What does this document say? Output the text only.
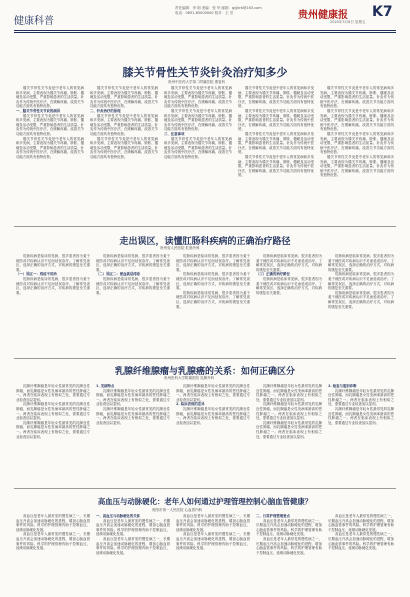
健康科普
责任编辑：李 明 美编：张 华 邮箱：gyjkrb@163.com
电话：0851-85000000 校对：王 芳	贵州健康报 K7
2020年3月6日 星期五
膝关节骨性关节炎针灸治疗知多少
贵州中医药大学第二附属医院 康复科

膝关节骨性关节炎是中老年人的常见病和多发病，主要表现为膝关节疼痛、肿胀、僵硬及活动受限，严重影响患者的生活质量。针灸作为传统中医疗法，在缓解疼痛、改善关节功能方面具有独特优势。

一、膝关节骨性关节炎的病因

膝关节骨性关节炎是中老年人的常见病和多发病，主要表现为膝关节疼痛、肿胀、僵硬及活动受限，严重影响患者的生活质量。针灸作为传统中医疗法，在缓解疼痛、改善关节功能方面具有独特优势。

膝关节骨性关节炎是中老年人的常见病和多发病，主要表现为膝关节疼痛、肿胀、僵硬及活动受限，严重影响患者的生活质量。针灸作为传统中医疗法，在缓解疼痛、改善关节功能方面具有独特优势。

膝关节骨性关节炎是中老年人的常见病和多发病，主要表现为膝关节疼痛、肿胀、僵硬及活动受限，严重影响患者的生活质量。针灸作为传统中医疗法，在缓解疼痛、改善关节功能方面具有独特优势。

二、针灸治疗的原理

膝关节骨性关节炎是中老年人的常见病和多发病，主要表现为膝关节疼痛、肿胀、僵硬及活动受限，严重影响患者的生活质量。针灸作为传统中医疗法，在缓解疼痛、改善关节功能方面具有独特优势。

膝关节骨性关节炎是中老年人的常见病和多发病，主要表现为膝关节疼痛、肿胀、僵硬及活动受限，严重影响患者的生活质量。针灸作为传统中医疗法，在缓解疼痛、改善关节功能方面具有独特优势。

膝关节骨性关节炎是中老年人的常见病和多发病，主要表现为膝关节疼痛、肿胀、僵硬及活动受限，严重影响患者的生活质量。针灸作为传统中医疗法，在缓解疼痛、改善关节功能方面具有独特优势。

膝关节骨性关节炎是中老年人的常见病和多发病，主要表现为膝关节疼痛、肿胀、僵硬及活动受限，严重影响患者的生活质量。针灸作为传统中医疗法，在缓解疼痛、改善关节功能方面具有独特优势。

三、注意事项

膝关节骨性关节炎是中老年人的常见病和多发病，主要表现为膝关节疼痛、肿胀、僵硬及活动受限，严重影响患者的生活质量。针灸作为传统中医疗法，在缓解疼痛、改善关节功能方面具有独特优势。

膝关节骨性关节炎是中老年人的常见病和多发病，主要表现为膝关节疼痛、肿胀、僵硬及活动受限，严重影响患者的生活质量。针灸作为传统中医疗法，在缓解疼痛、改善关节功能方面具有独特优势。

膝关节骨性关节炎是中老年人的常见病和多发病，主要表现为膝关节疼痛、肿胀、僵硬及活动受限，严重影响患者的生活质量。针灸作为传统中医疗法，在缓解疼痛、改善关节功能方面具有独特优势。

膝关节骨性关节炎是中老年人的常见病和多发病，主要表现为膝关节疼痛、肿胀、僵硬及活动受限，严重影响患者的生活质量。针灸作为传统中医疗法，在缓解疼痛、改善关节功能方面具有独特优势。

膝关节骨性关节炎是中老年人的常见病和多发病，主要表现为膝关节疼痛、肿胀、僵硬及活动受限，严重影响患者的生活质量。针灸作为传统中医疗法，在缓解疼痛、改善关节功能方面具有独特优势。

膝关节骨性关节炎是中老年人的常见病和多发病，主要表现为膝关节疼痛、肿胀、僵硬及活动受限，严重影响患者的生活质量。针灸作为传统中医疗法，在缓解疼痛、改善关节功能方面具有独特优势。

膝关节骨性关节炎是中老年人的常见病和多发病，主要表现为膝关节疼痛、肿胀、僵硬及活动受限，严重影响患者的生活质量。针灸作为传统中医疗法，在缓解疼痛、改善关节功能方面具有独特优势。

膝关节骨性关节炎是中老年人的常见病和多发病，主要表现为膝关节疼痛、肿胀、僵硬及活动受限，严重影响患者的生活质量。针灸作为传统中医疗法，在缓解疼痛、改善关节功能方面具有独特优势。

膝关节骨性关节炎是中老年人的常见病和多发病，主要表现为膝关节疼痛、肿胀、僵硬及活动受限，严重影响患者的生活质量。针灸作为传统中医疗法，在缓解疼痛、改善关节功能方面具有独特优势。

走出误区，读懂肛肠科疾病的正确治疗路径
贵州省人民医院 肛肠外科

肛肠疾病是临床常见病，很多患者因为羞于就医或对疾病认识不足而延误治疗。了解常见误区，选择正确的治疗方式，对疾病的康复至关重要。

（一）误区一：痔疮不用治

肛肠疾病是临床常见病，很多患者因为羞于就医或对疾病认识不足而延误治疗。了解常见误区，选择正确的治疗方式，对疾病的康复至关重要。

肛肠疾病是临床常见病，很多患者因为羞于就医或对疾病认识不足而延误治疗。了解常见误区，选择正确的治疗方式，对疾病的康复至关重要。

（二）误区二：便血就是痔疮

肛肠疾病是临床常见病，很多患者因为羞于就医或对疾病认识不足而延误治疗。了解常见误区，选择正确的治疗方式，对疾病的康复至关重要。

肛肠疾病是临床常见病，很多患者因为羞于就医或对疾病认识不足而延误治疗。了解常见误区，选择正确的治疗方式，对疾病的康复至关重要。

肛肠疾病是临床常见病，很多患者因为羞于就医或对疾病认识不足而延误治疗。了解常见误区，选择正确的治疗方式，对疾病的康复至关重要。

肛肠疾病是临床常见病，很多患者因为羞于就医或对疾病认识不足而延误治疗。了解常见误区，选择正确的治疗方式，对疾病的康复至关重要。

肛肠疾病是临床常见病，很多患者因为羞于就医或对疾病认识不足而延误治疗。了解常见误区，选择正确的治疗方式，对疾病的康复至关重要。

（三）正确的治疗路径

肛肠疾病是临床常见病，很多患者因为羞于就医或对疾病认识不足而延误治疗。了解常见误区，选择正确的治疗方式，对疾病的康复至关重要。

肛肠疾病是临床常见病，很多患者因为羞于就医或对疾病认识不足而延误治疗。了解常见误区，选择正确的治疗方式，对疾病的康复至关重要。

肛肠疾病是临床常见病，很多患者因为羞于就医或对疾病认识不足而延误治疗。了解常见误区，选择正确的治疗方式，对疾病的康复至关重要。

肛肠疾病是临床常见病，很多患者因为羞于就医或对疾病认识不足而延误治疗。了解常见误区，选择正确的治疗方式，对疾病的康复至关重要。

乳腺纤维腺瘤与乳腺癌的关系：如何正确区分
贵州医科大学附属医院 乳腺外科

乳腺纤维腺瘤是年轻女性最常见的乳腺良性肿瘤，而乳腺癌是女性发病率最高的恶性肿瘤之一。两者在临床表现上有相似之处，需要通过专业检查加以鉴别。

乳腺纤维腺瘤是年轻女性最常见的乳腺良性肿瘤，而乳腺癌是女性发病率最高的恶性肿瘤之一。两者在临床表现上有相似之处，需要通过专业检查加以鉴别。

乳腺纤维腺瘤是年轻女性最常见的乳腺良性肿瘤，而乳腺癌是女性发病率最高的恶性肿瘤之一。两者在临床表现上有相似之处，需要通过专业检查加以鉴别。

1. 发病特点

乳腺纤维腺瘤是年轻女性最常见的乳腺良性肿瘤，而乳腺癌是女性发病率最高的恶性肿瘤之一。两者在临床表现上有相似之处，需要通过专业检查加以鉴别。

乳腺纤维腺瘤是年轻女性最常见的乳腺良性肿瘤，而乳腺癌是女性发病率最高的恶性肿瘤之一。两者在临床表现上有相似之处，需要通过专业检查加以鉴别。

乳腺纤维腺瘤是年轻女性最常见的乳腺良性肿瘤，而乳腺癌是女性发病率最高的恶性肿瘤之一。两者在临床表现上有相似之处，需要通过专业检查加以鉴别。

2. 临床表现的差异

乳腺纤维腺瘤是年轻女性最常见的乳腺良性肿瘤，而乳腺癌是女性发病率最高的恶性肿瘤之一。两者在临床表现上有相似之处，需要通过专业检查加以鉴别。

乳腺纤维腺瘤是年轻女性最常见的乳腺良性肿瘤，而乳腺癌是女性发病率最高的恶性肿瘤之一。两者在临床表现上有相似之处，需要通过专业检查加以鉴别。

乳腺纤维腺瘤是年轻女性最常见的乳腺良性肿瘤，而乳腺癌是女性发病率最高的恶性肿瘤之一。两者在临床表现上有相似之处，需要通过专业检查加以鉴别。

乳腺纤维腺瘤是年轻女性最常见的乳腺良性肿瘤，而乳腺癌是女性发病率最高的恶性肿瘤之一。两者在临床表现上有相似之处，需要通过专业检查加以鉴别。

3. 检查与鉴别诊断

乳腺纤维腺瘤是年轻女性最常见的乳腺良性肿瘤，而乳腺癌是女性发病率最高的恶性肿瘤之一。两者在临床表现上有相似之处，需要通过专业检查加以鉴别。

乳腺纤维腺瘤是年轻女性最常见的乳腺良性肿瘤，而乳腺癌是女性发病率最高的恶性肿瘤之一。两者在临床表现上有相似之处，需要通过专业检查加以鉴别。

高血压与动脉硬化：老年人如何通过护理管理控制心脑血管健康？
贵阳市第一人民医院 心血管内科

高血压是老年人最常见的慢性病之一，长期血压升高会加速动脉硬化的进程，增加心脑血管事件的风险。科学的护理管理有助于控制血压，延缓动脉硬化发展。

高血压是老年人最常见的慢性病之一，长期血压升高会加速动脉硬化的进程，增加心脑血管事件的风险。科学的护理管理有助于控制血压，延缓动脉硬化发展。

一、高血压与动脉硬化的关系

高血压是老年人最常见的慢性病之一，长期血压升高会加速动脉硬化的进程，增加心脑血管事件的风险。科学的护理管理有助于控制血压，延缓动脉硬化发展。

高血压是老年人最常见的慢性病之一，长期血压升高会加速动脉硬化的进程，增加心脑血管事件的风险。科学的护理管理有助于控制血压，延缓动脉硬化发展。

高血压是老年人最常见的慢性病之一，长期血压升高会加速动脉硬化的进程，增加心脑血管事件的风险。科学的护理管理有助于控制血压，延缓动脉硬化发展。

高血压是老年人最常见的慢性病之一，长期血压升高会加速动脉硬化的进程，增加心脑血管事件的风险。科学的护理管理有助于控制血压，延缓动脉硬化发展。

二、日常护理管理要点

高血压是老年人最常见的慢性病之一，长期血压升高会加速动脉硬化的进程，增加心脑血管事件的风险。科学的护理管理有助于控制血压，延缓动脉硬化发展。

高血压是老年人最常见的慢性病之一，长期血压升高会加速动脉硬化的进程，增加心脑血管事件的风险。科学的护理管理有助于控制血压，延缓动脉硬化发展。

高血压是老年人最常见的慢性病之一，长期血压升高会加速动脉硬化的进程，增加心脑血管事件的风险。科学的护理管理有助于控制血压，延缓动脉硬化发展。

高血压是老年人最常见的慢性病之一，长期血压升高会加速动脉硬化的进程，增加心脑血管事件的风险。科学的护理管理有助于控制血压，延缓动脉硬化发展。
